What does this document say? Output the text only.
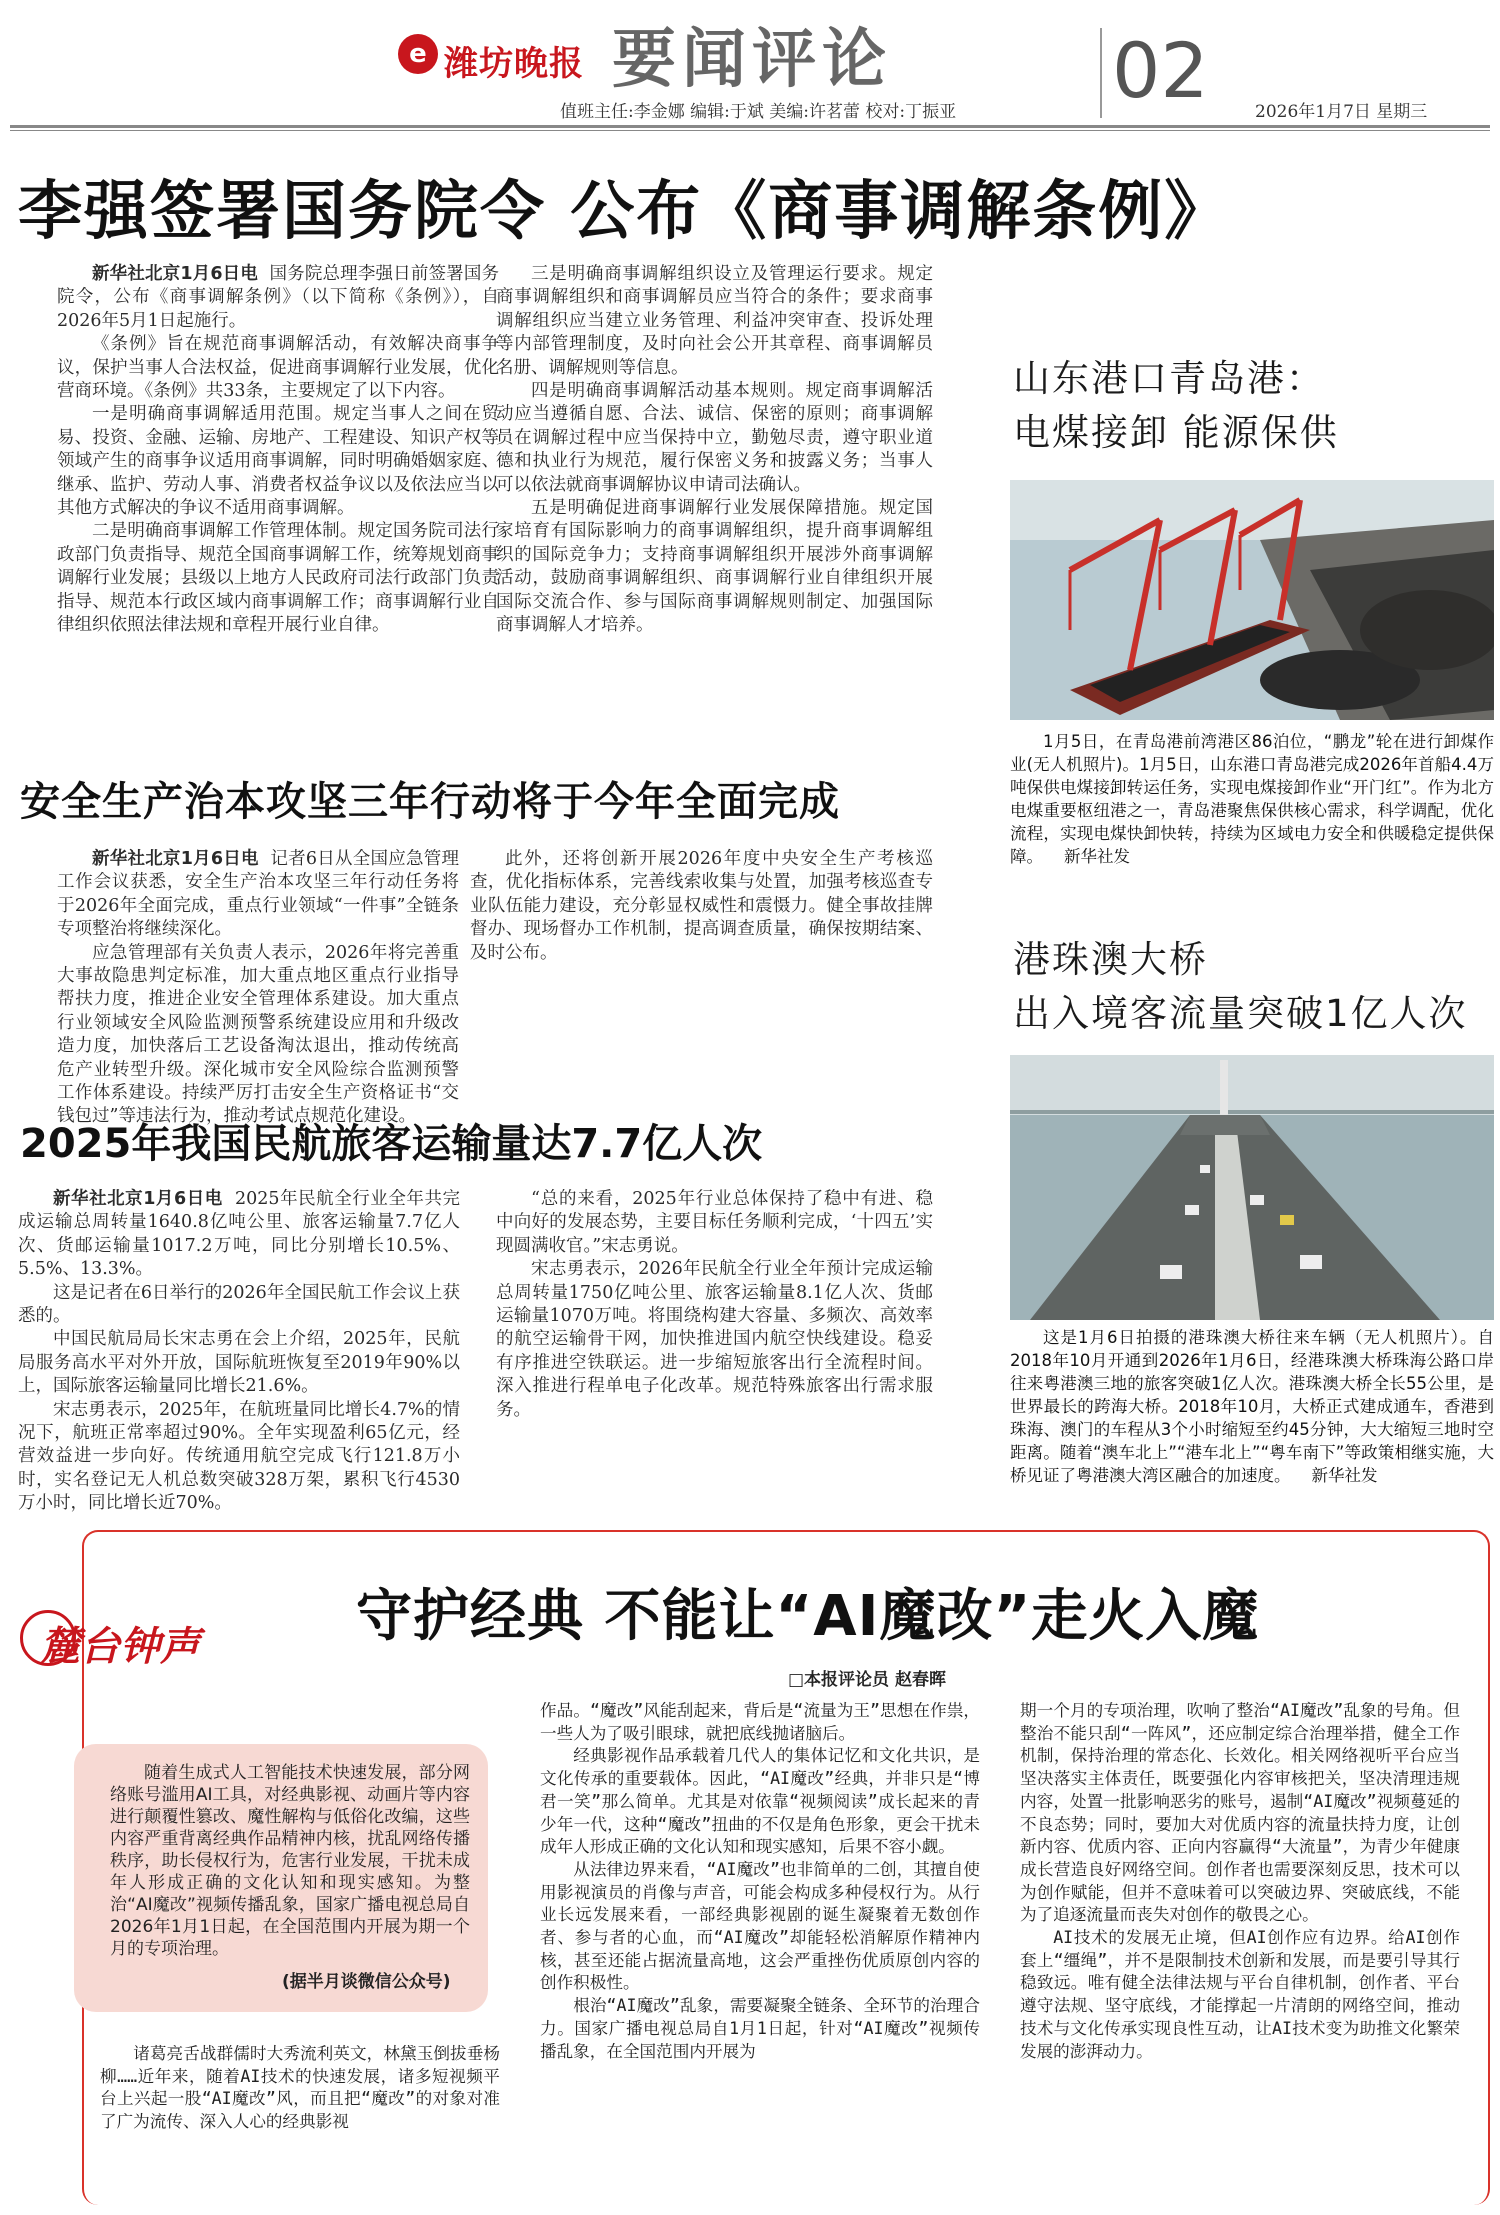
e 潍坊晚报 要闻评论	02
值班主任:李金娜 编辑:于斌 美编:许茗蕾 校对:丁振亚	2026年1月7日 星期三
李强签署国务院令 公布《商事调解条例》

新华社北京1月6日电 国务院总理李强日前签署国务院令，公布《商事调解条例》（以下简称《条例》），自2026年5月1日起施行。

《条例》旨在规范商事调解活动，有效解决商事争议，保护当事人合法权益，促进商事调解行业发展，优化营商环境。《条例》共33条，主要规定了以下内容。

一是明确商事调解适用范围。规定当事人之间在贸易、投资、金融、运输、房地产、工程建设、知识产权等领域产生的商事争议适用商事调解，同时明确婚姻家庭、继承、监护、劳动人事、消费者权益争议以及依法应当以其他方式解决的争议不适用商事调解。

二是明确商事调解工作管理体制。规定国务院司法行政部门负责指导、规范全国商事调解工作，统筹规划商事调解行业发展；县级以上地方人民政府司法行政部门负责指导、规范本行政区域内商事调解工作；商事调解行业自律组织依照法律法规和章程开展行业自律。

三是明确商事调解组织设立及管理运行要求。规定商事调解组织和商事调解员应当符合的条件；要求商事调解组织应当建立业务管理、利益冲突审查、投诉处理等内部管理制度，及时向社会公开其章程、商事调解员名册、调解规则等信息。

四是明确商事调解活动基本规则。规定商事调解活动应当遵循自愿、合法、诚信、保密的原则；商事调解员在调解过程中应当保持中立，勤勉尽责，遵守职业道德和执业行为规范，履行保密义务和披露义务；当事人可以依法就商事调解协议申请司法确认。

五是明确促进商事调解行业发展保障措施。规定国家培育有国际影响力的商事调解组织，提升商事调解组织的国际竞争力；支持商事调解组织开展涉外商事调解活动，鼓励商事调解组织、商事调解行业自律组织开展国际交流合作、参与国际商事调解规则制定、加强国际商事调解人才培养。

安全生产治本攻坚三年行动将于今年全面完成

新华社北京1月6日电 记者6日从全国应急管理工作会议获悉，安全生产治本攻坚三年行动任务将于2026年全面完成，重点行业领域“一件事”全链条专项整治将继续深化。

应急管理部有关负责人表示，2026年将完善重大事故隐患判定标准，加大重点地区重点行业指导帮扶力度，推进企业安全管理体系建设。加大重点行业领域安全风险监测预警系统建设应用和升级改造力度，加快落后工艺设备淘汰退出，推动传统高危产业转型升级。深化城市安全风险综合监测预警工作体系建设。持续严厉打击安全生产资格证书“交钱包过”等违法行为，推动考试点规范化建设。

此外，还将创新开展2026年度中央安全生产考核巡查，优化指标体系，完善线索收集与处置，加强考核巡查专业队伍能力建设，充分彰显权威性和震慑力。健全事故挂牌督办、现场督办工作机制，提高调查质量，确保按期结案、及时公布。

2025年我国民航旅客运输量达7.7亿人次

新华社北京1月6日电 2025年民航全行业全年共完成运输总周转量1640.8亿吨公里、旅客运输量7.7亿人次、货邮运输量1017.2万吨，同比分别增长10.5%、5.5%、13.3%。

这是记者在6日举行的2026年全国民航工作会议上获悉的。

中国民航局局长宋志勇在会上介绍，2025年，民航局服务高水平对外开放，国际航班恢复至2019年90%以上，国际旅客运输量同比增长21.6%。

宋志勇表示，2025年，在航班量同比增长4.7%的情况下，航班正常率超过90%。全年实现盈利65亿元，经营效益进一步向好。传统通用航空完成飞行121.8万小时，实名登记无人机总数突破328万架，累积飞行4530万小时，同比增长近70%。

“总的来看，2025年行业总体保持了稳中有进、稳中向好的发展态势，主要目标任务顺利完成，‘十四五’实现圆满收官。”宋志勇说。

宋志勇表示，2026年民航全行业全年预计完成运输总周转量1750亿吨公里、旅客运输量8.1亿人次、货邮运输量1070万吨。将围绕构建大容量、多频次、高效率的航空运输骨干网，加快推进国内航空快线建设。稳妥有序推进空铁联运。进一步缩短旅客出行全流程时间。深入推进行程单电子化改革。规范特殊旅客出行需求服务。

山东港口青岛港：
电煤接卸 能源保供
1月5日，在青岛港前湾港区86泊位，“鹏龙”轮在进行卸煤作业(无人机照片)。1月5日，山东港口青岛港完成2026年首船4.4万吨保供电煤接卸转运任务，实现电煤接卸作业“开门红”。作为北方电煤重要枢纽港之一，青岛港聚焦保供核心需求，科学调配，优化流程，实现电煤快卸快转，持续为区域电力安全和供暖稳定提供保障。 新华社发
港珠澳大桥
出入境客流量突破1亿人次
这是1月6日拍摄的港珠澳大桥往来车辆（无人机照片）。自2018年10月开通到2026年1月6日，经港珠澳大桥珠海公路口岸往来粤港澳三地的旅客突破1亿人次。港珠澳大桥全长55公里，是世界最长的跨海大桥。2018年10月，大桥正式建成通车，香港到珠海、澳门的车程从3个小时缩短至约45分钟，大大缩短三地时空距离。随着“澳车北上”“港车北上”“粤车南下”等政策相继实施，大桥见证了粤港澳大湾区融合的加速度。 新华社发
麓台钟声	守护经典 不能让“AI魔改”走火入魔
□本报评论员 赵春晖
随着生成式人工智能技术快速发展，部分网络账号滥用AI工具，对经典影视、动画片等内容进行颠覆性篡改、魔性解构与低俗化改编，这些内容严重背离经典作品精神内核，扰乱网络传播秩序，助长侵权行为，危害行业发展，干扰未成年人形成正确的文化认知和现实感知。为整治“AI魔改”视频传播乱象，国家广播电视总局自2026年1月1日起，在全国范围内开展为期一个月的专项治理。
(据半月谈微信公众号)

诸葛亮舌战群儒时大秀流利英文，林黛玉倒拔垂杨柳……近年来，随着AI技术的快速发展，诸多短视频平台上兴起一股“AI魔改”风，而且把“魔改”的对象对准了广为流传、深入人心的经典影视

作品。“魔改”风能刮起来，背后是“流量为王”思想在作祟，一些人为了吸引眼球，就把底线抛诸脑后。

经典影视作品承载着几代人的集体记忆和文化共识，是文化传承的重要载体。因此，“AI魔改”经典，并非只是“博君一笑”那么简单。尤其是对依靠“视频阅读”成长起来的青少年一代，这种“魔改”扭曲的不仅是角色形象，更会干扰未成年人形成正确的文化认知和现实感知，后果不容小觑。

从法律边界来看，“AI魔改”也非简单的二创，其擅自使用影视演员的肖像与声音，可能会构成多种侵权行为。从行业长远发展来看，一部经典影视剧的诞生凝聚着无数创作者、参与者的心血，而“AI魔改”却能轻松消解原作精神内核，甚至还能占据流量高地，这会严重挫伤优质原创内容的创作积极性。

根治“AI魔改”乱象，需要凝聚全链条、全环节的治理合力。国家广播电视总局自1月1日起，针对“AI魔改”视频传播乱象，在全国范围内开展为

期一个月的专项治理，吹响了整治“AI魔改”乱象的号角。但整治不能只刮“一阵风”，还应制定综合治理举措，健全工作机制，保持治理的常态化、长效化。相关网络视听平台应当坚决落实主体责任，既要强化内容审核把关，坚决清理违规内容，处置一批影响恶劣的账号，遏制“AI魔改”视频蔓延的不良态势；同时，要加大对优质内容的流量扶持力度，让创新内容、优质内容、正向内容赢得“大流量”，为青少年健康成长营造良好网络空间。创作者也需要深刻反思，技术可以为创作赋能，但并不意味着可以突破边界、突破底线，不能为了追逐流量而丧失对创作的敬畏之心。

AI技术的发展无止境，但AI创作应有边界。给AI创作套上“缰绳”，并不是限制技术创新和发展，而是要引导其行稳致远。唯有健全法律法规与平台自律机制，创作者、平台遵守法规、坚守底线，才能撑起一片清朗的网络空间，推动技术与文化传承实现良性互动，让AI技术变为助推文化繁荣发展的澎湃动力。
